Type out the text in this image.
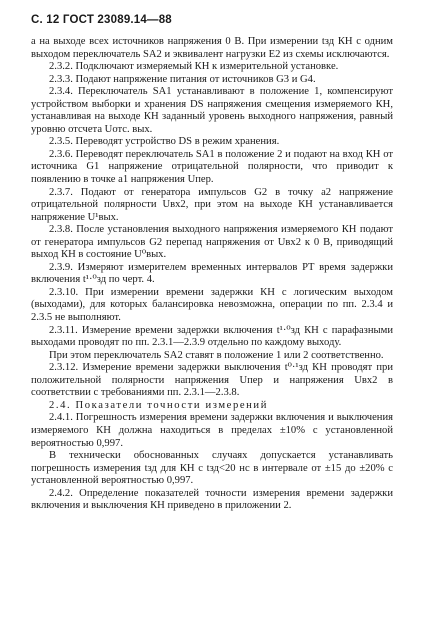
С. 12 ГОСТ 23089.14—88

а на выходе всех источников напряжения 0 В. При измерении tзд КН с одним выходом переключатель SA2 и эквивалент нагрузки E2 из схемы исключаются.

2.3.2. Подключают измеряемый КН к измерительной установке.

2.3.3. Подают напряжение питания от источников G3 и G4.

2.3.4. Переключатель SA1 устанавливают в положение 1, компенсируют устройством выборки и хранения DS напряжения смещения измеряемого КН, устанавливая на выходе КН заданный уровень выходного напряжения, равный уровню отсчета Uотс. вых.

2.3.5. Переводят устройство DS в режим хранения.

2.3.6. Переводят переключатель SA1 в положение 2 и подают на вход КН от источника G1 напряжение отрицательной полярности, что приводит к появлению в точке a1 напряжения Uпер.

2.3.7. Подают от генератора импульсов G2 в точку a2 напряжение отрицательной полярности Uвх2, при этом на выходе КН устанавливается напряжение U¹вых.

2.3.8. После установления выходного напряжения измеряемого КН подают от генератора импульсов G2 перепад напряжения от Uвх2 к 0 В, приводящий выход КН в состояние U⁰вых.

2.3.9. Измеряют измерителем временных интервалов PT время задержки включения t¹·⁰зд по черт. 4.

2.3.10. При измерении времени задержки КН с логическим выходом (выходами), для которых балансировка невозможна, операции по пп. 2.3.4 и 2.3.5 не выполняют.

2.3.11. Измерение времени задержки включения t¹·⁰зд КН с парафазными выходами проводят по пп. 2.3.1—2.3.9 отдельно по каждому выходу.

При этом переключатель SA2 ставят в положение 1 или 2 соответственно.

2.3.12. Измерение времени задержки выключения t⁰·¹зд КН проводят при положительной полярности напряжения Uпер и напряжения Uвх2 в соответствии с требованиями пп. 2.3.1—2.3.8.

2.4. Показатели точности измерений

2.4.1. Погрешность измерения времени задержки включения и выключения измеряемого КН должна находиться в пределах ±10% с установленной вероятностью 0,997.

В технически обоснованных случаях допускается устанавливать погрешность измерения tзд для КН с tзд<20 нс в интервале от ±15 до ±20% с установленной вероятностью 0,997.

2.4.2. Определение показателей точности измерения времени задержки включения и выключения КН приведено в приложении 2.
